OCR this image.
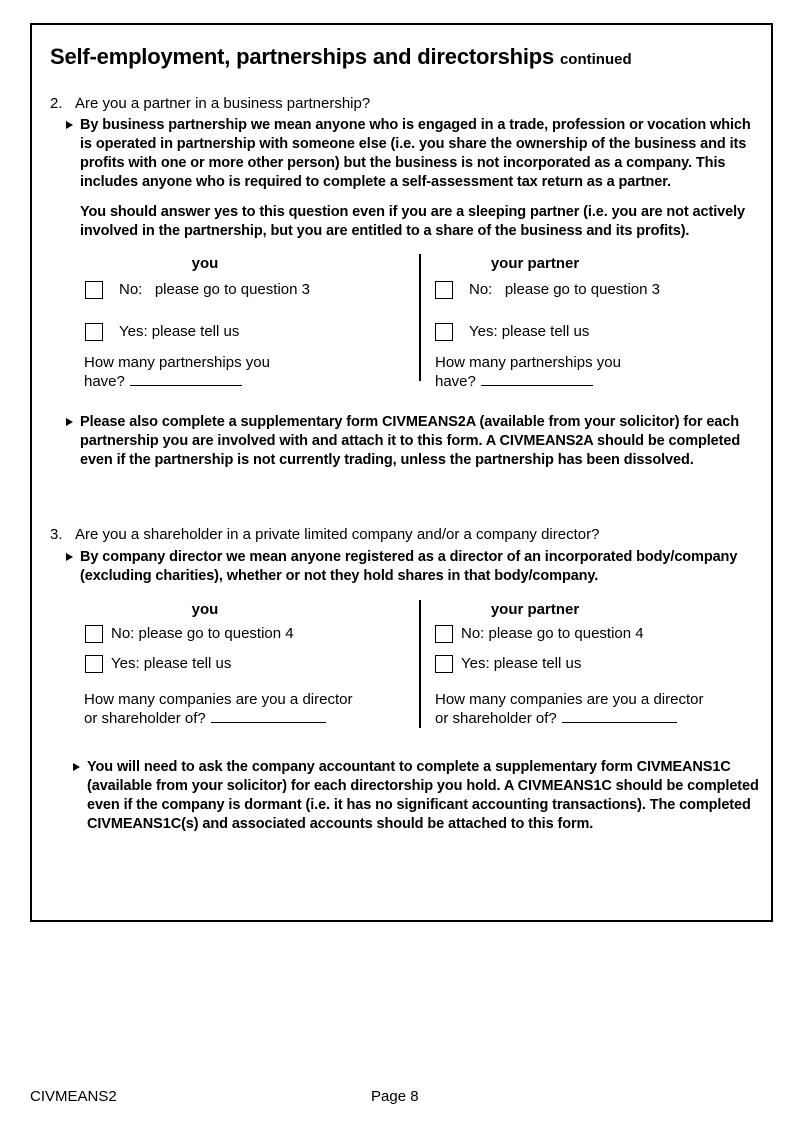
Self-employment, partnerships and directorships continued
2. Are you a partner in a business partnership?

By business partnership we mean anyone who is engaged in a trade, profession or vocation which is operated in partnership with someone else (i.e. you share the ownership of the business and its profits with one or more other person) but the business is not incorporated as a company. This includes anyone who is required to complete a self-assessment tax return as a partner.

You should answer yes to this question even if you are a sleeping partner (i.e. you are not actively involved in the partnership, but you are entitled to a share of the business and its profits).

you
No:   please go to question 3
Yes: please tell us
How many partnerships you
have?
your partner
No:   please go to question 3
Yes: please tell us
How many partnerships you
have?

Please also complete a supplementary form CIVMEANS2A (available from your solicitor) for each partnership you are involved with and attach it to this form. A CIVMEANS2A should be completed even if the partnership is not currently trading, unless the partnership has been dissolved.

3. Are you a shareholder in a private limited company and/or a company director?

By company director we mean anyone registered as a director of an incorporated body/company (excluding charities), whether or not they hold shares in that body/company.

you
No: please go to question 4
Yes: please tell us
How many companies are you a director
or shareholder of?
your partner
No: please go to question 4
Yes: please tell us
How many companies are you a director
or shareholder of?

You will need to ask the company accountant to complete a supplementary form CIVMEANS1C (available from your solicitor) for each directorship you hold. A CIVMEANS1C should be completed even if the company is dormant (i.e. it has no significant accounting transactions). The completed CIVMEANS1C(s) and associated accounts should be attached to this form.

CIVMEANS2	Page 8
